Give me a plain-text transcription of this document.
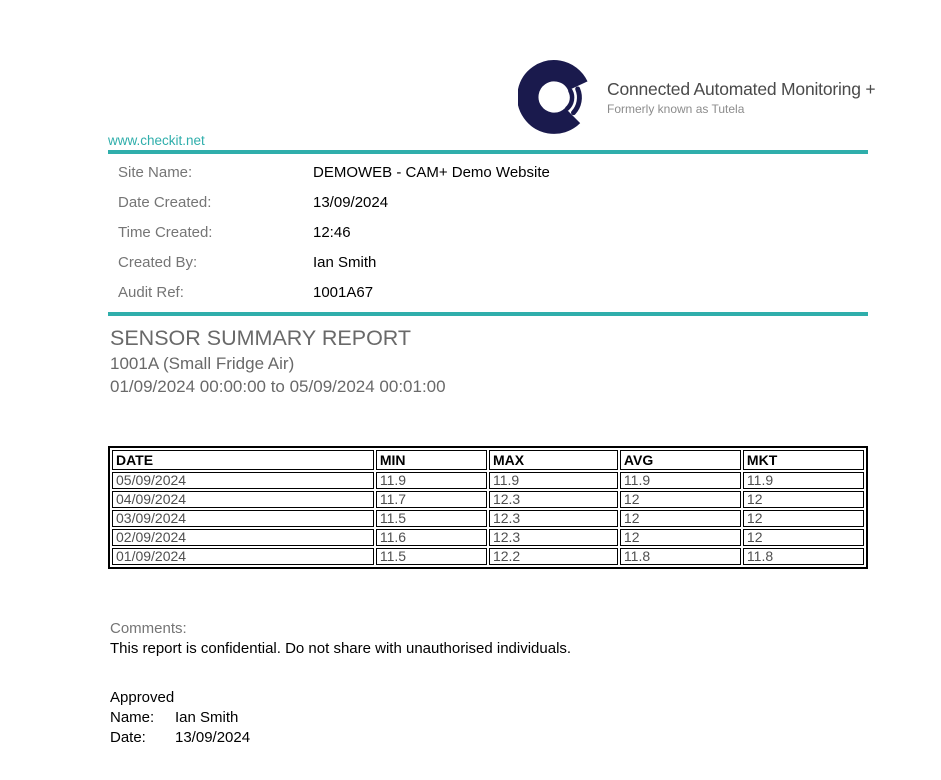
Connected Automated Monitoring +
Formerly known as Tutela
www.checkit.net
Site Name:	DEMOWEB - CAM+ Demo Website
Date Created:	13/09/2024
Time Created:	12:46
Created By:	Ian Smith
Audit Ref:	1001A67
SENSOR SUMMARY REPORT
1001A (Small Fridge Air)
01/09/2024 00:00:00 to 05/09/2024 00:01:00
DATE	MIN	MAX	AVG	MKT
05/09/2024	11.9	11.9	11.9	11.9
04/09/2024	11.7	12.3	12	12
03/09/2024	11.5	12.3	12	12
02/09/2024	11.6	12.3	12	12
01/09/2024	11.5	12.2	11.8	11.8
Comments:
This report is confidential. Do not share with unauthorised individuals.
Approved
Name: Ian Smith
Date: 13/09/2024
